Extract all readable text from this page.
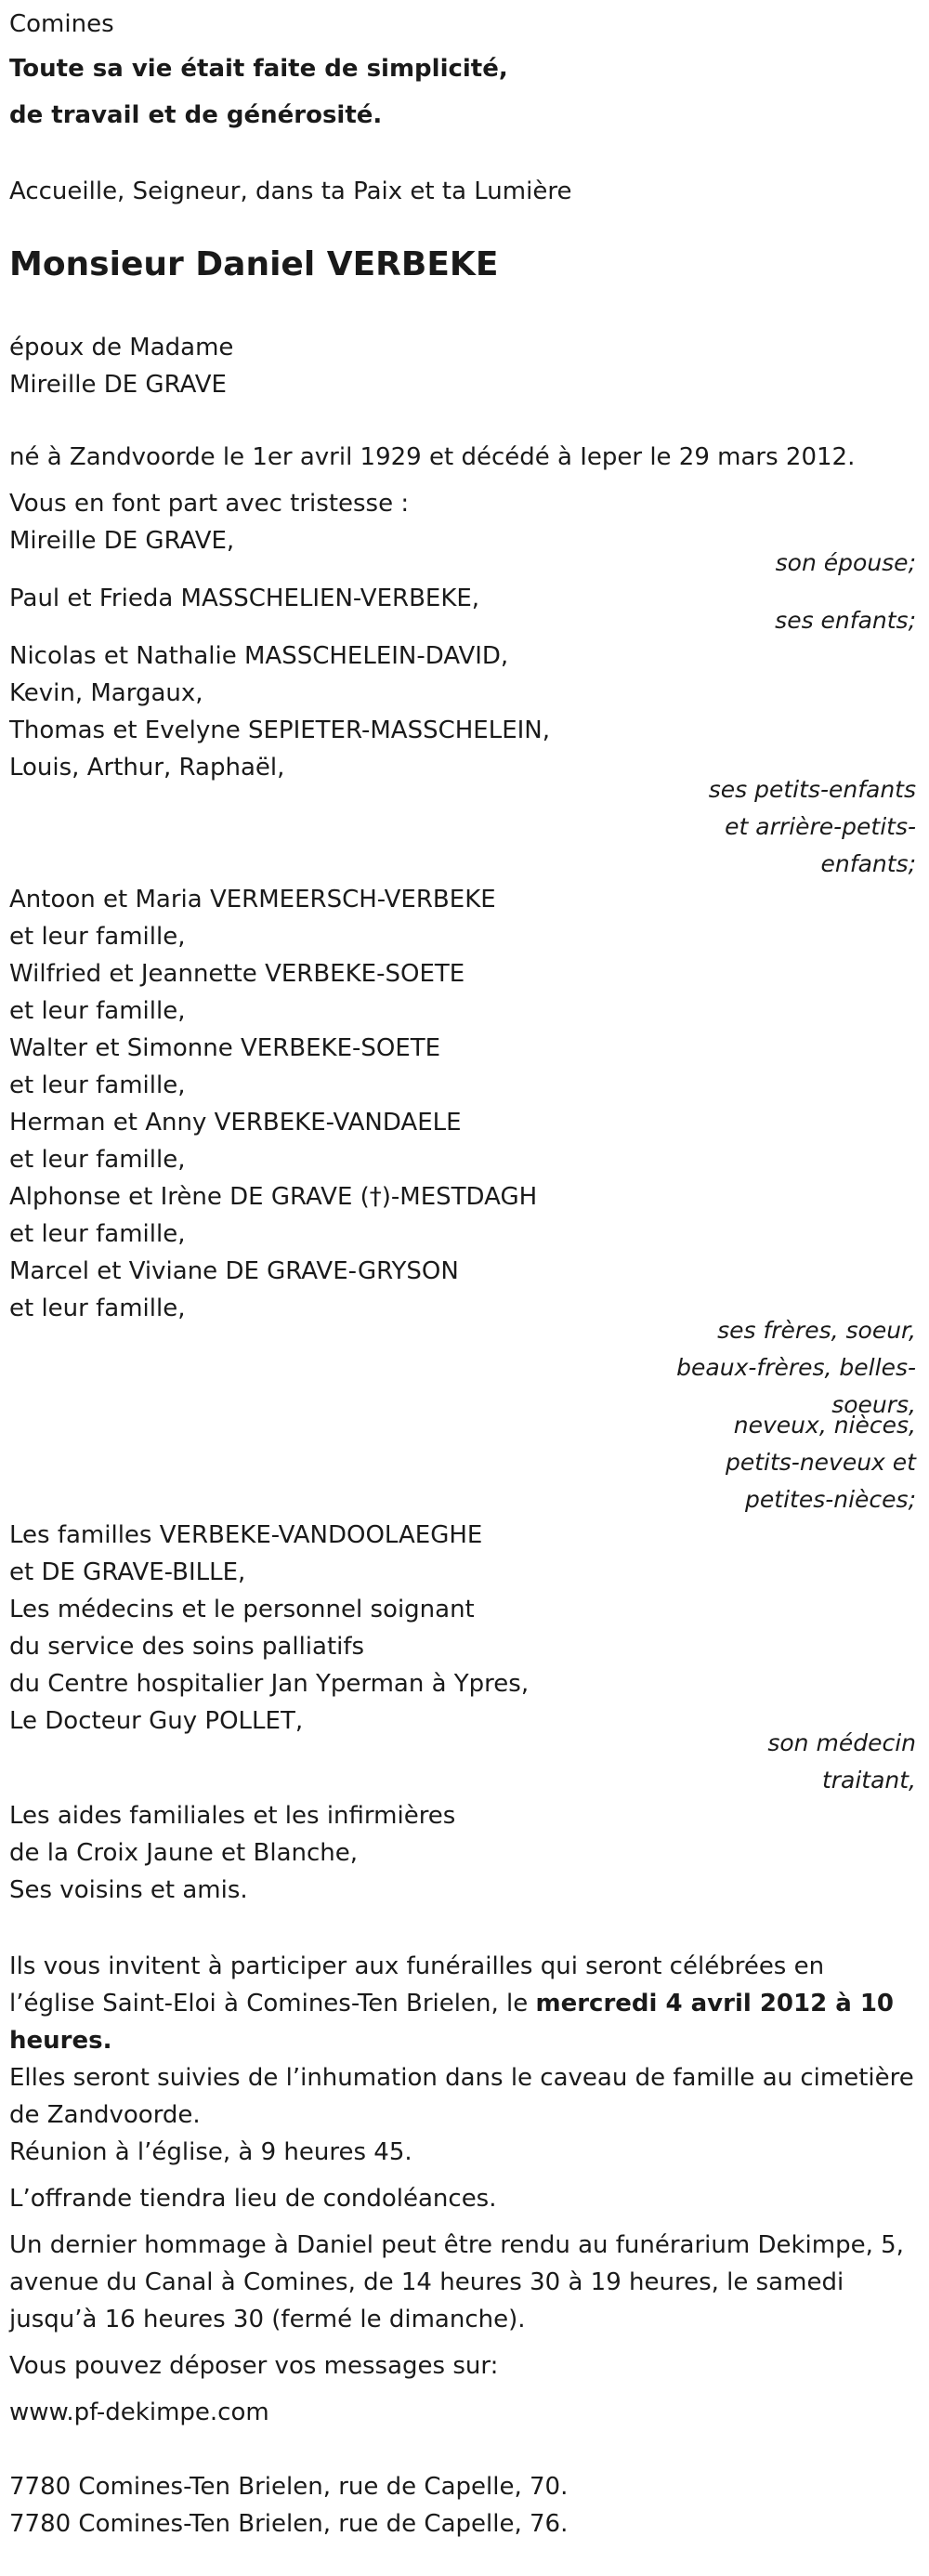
Comines
Toute sa vie était faite de simplicité,
de travail et de générosité.
Accueille, Seigneur, dans ta Paix et ta Lumière
Monsieur Daniel VERBEKE
époux de Madame
Mireille DE GRAVE
né à Zandvoorde le 1er avril 1929 et décédé à Ieper le 29 mars 2012.
Vous en font part avec tristesse :
Mireille DE GRAVE,
son épouse;
Paul et Frieda MASSCHELIEN-VERBEKE,
ses enfants;
Nicolas et Nathalie MASSCHELEIN-DAVID,
Kevin, Margaux,
Thomas et Evelyne SEPIETER-MASSCHELEIN,
Louis, Arthur, Raphaël,
ses petits-enfants
et arrière-petits-
enfants;
Antoon et Maria VERMEERSCH-VERBEKE
et leur famille,
Wilfried et Jeannette VERBEKE-SOETE
et leur famille,
Walter et Simonne VERBEKE-SOETE
et leur famille,
Herman et Anny VERBEKE-VANDAELE
et leur famille,
Alphonse et Irène DE GRAVE (†)-MESTDAGH
et leur famille,
Marcel et Viviane DE GRAVE-GRYSON
et leur famille,
ses frères, soeur,
beaux-frères, belles-
soeurs,
neveux, nièces,
petits-neveux et
petites-nièces;
Les familles VERBEKE-VANDOOLAEGHE
et DE GRAVE-BILLE,
Les médecins et le personnel soignant
du service des soins palliatifs
du Centre hospitalier Jan Yperman à Ypres,
Le Docteur Guy POLLET,
son médecin
traitant,
Les aides familiales et les infirmières
de la Croix Jaune et Blanche,
Ses voisins et amis.
Ils vous invitent à participer aux funérailles qui seront célébrées en l’église Saint-Eloi à Comines-Ten Brielen, le mercredi 4 avril 2012 à 10 heures.
Elles seront suivies de l’inhumation dans le caveau de famille au cimetière de Zandvoorde.
Réunion à l’église, à 9 heures 45.
L’offrande tiendra lieu de condoléances.
Un dernier hommage à Daniel peut être rendu au funérarium Dekimpe, 5, avenue du Canal à Comines, de 14 heures 30 à 19 heures, le samedi jusqu’à 16 heures 30 (fermé le dimanche).
Vous pouvez déposer vos messages sur:
www.pf-dekimpe.com
7780 Comines-Ten Brielen, rue de Capelle, 70.
7780 Comines-Ten Brielen, rue de Capelle, 76.
